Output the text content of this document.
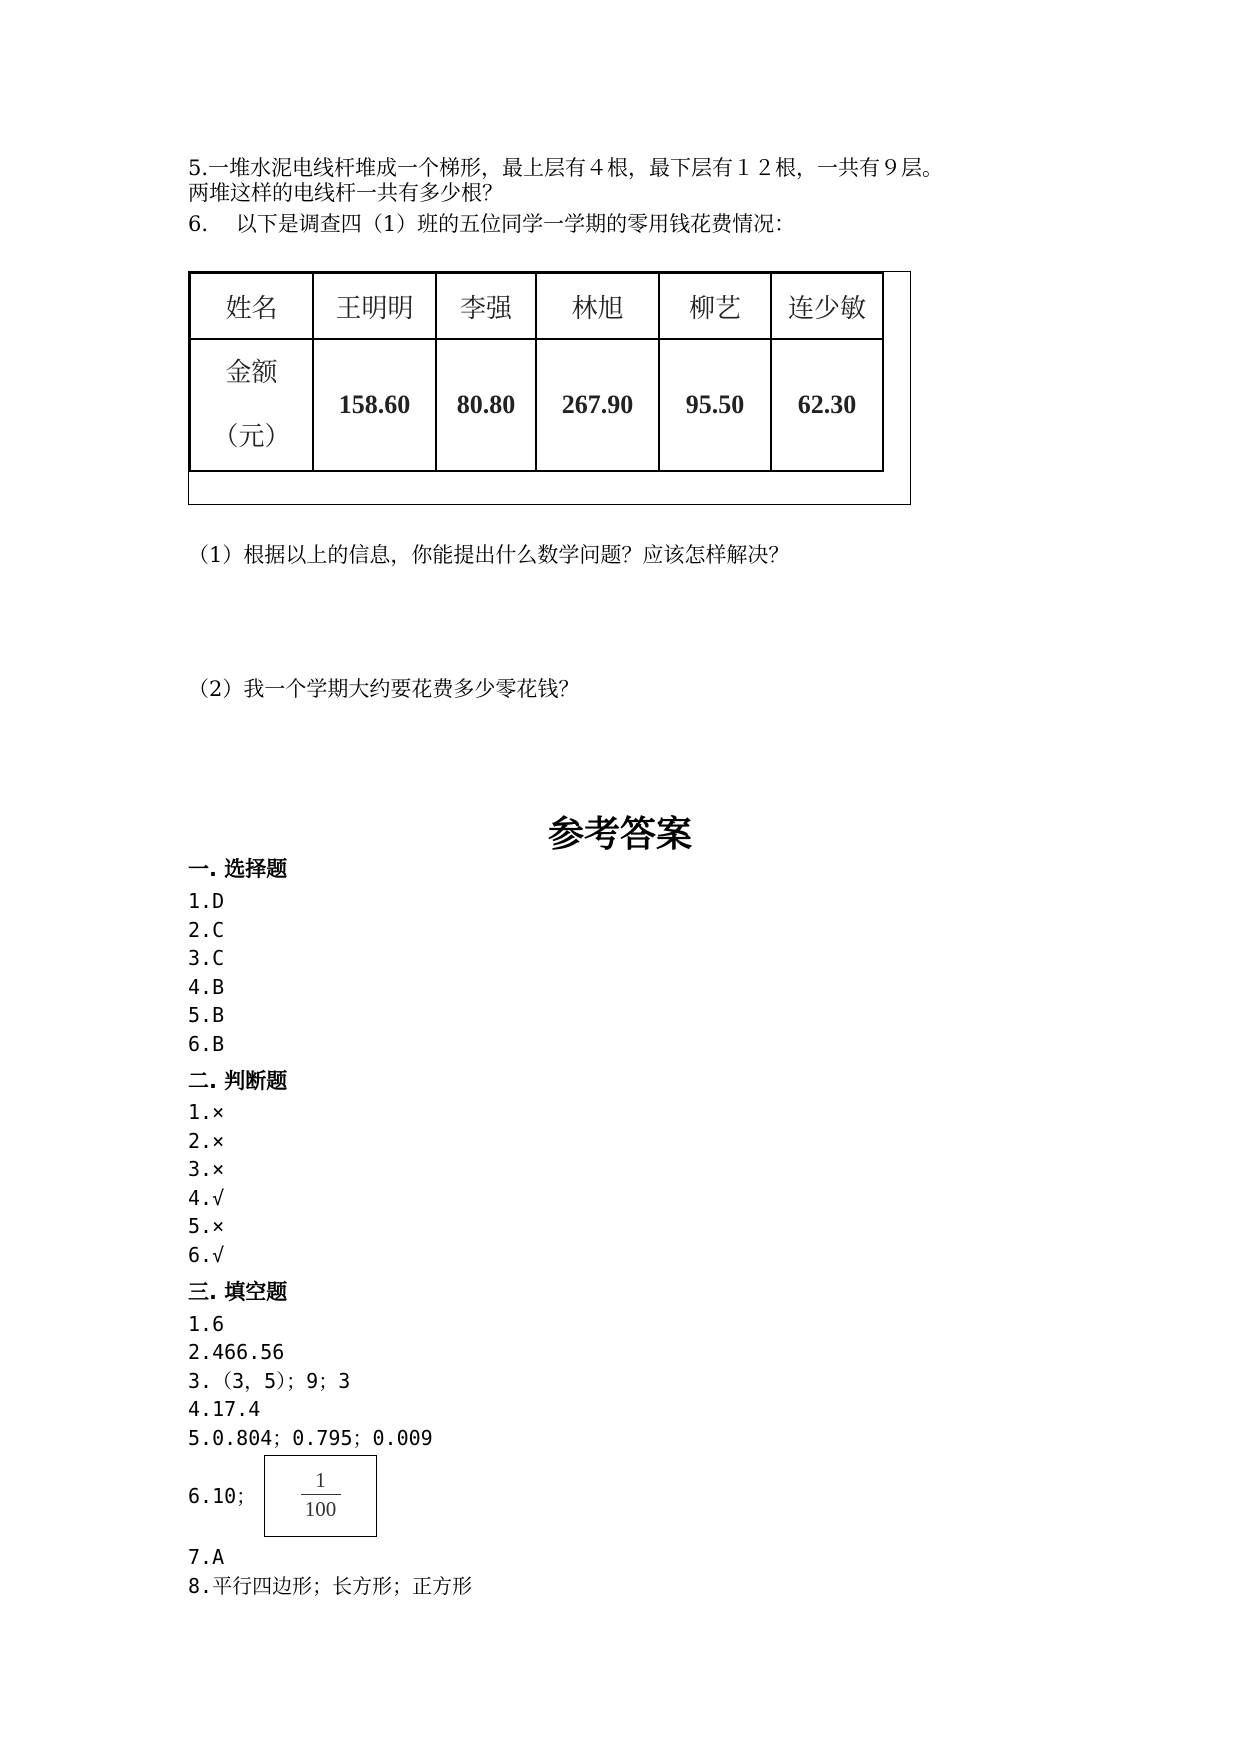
5.一堆水泥电线杆堆成一个梯形，最上层有４根，最下层有１２根，一共有９层。
两堆这样的电线杆一共有多少根？
6.　 以下是调查四（1）班的五位同学一学期的零用钱花费情况：
姓名	王明明	李强	林旭	柳艺	连少敏

金额
（元）	158.60	80.80	267.90	95.50	62.30
（1）根据以上的信息，你能提出什么数学问题？应该怎样解决？
（2）我一个学期大约要花费多少零花钱？
参考答案
一. 选择题
1.D
2.C
3.C
4.B
5.B
6.B
二. 判断题
1.×
2.×
3.×
4.√
5.×
6.√
三. 填空题
1.6
2.466.56
3.（3，5）；9；3
4.17.4
5.0.804；0.795；0.009
6.10；
1
100
7.A
8.平行四边形；长方形；正方形
